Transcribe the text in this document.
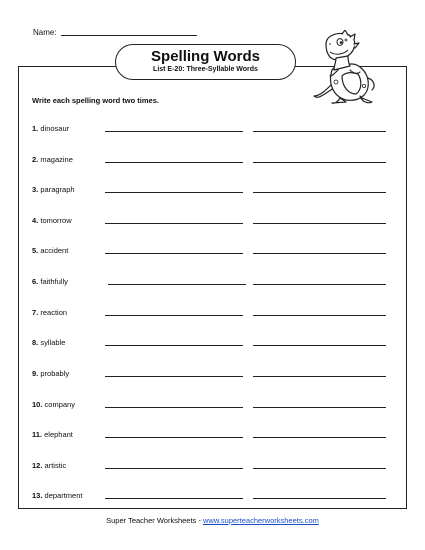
Name:
Spelling Words
List E-20: Three-Syllable Words
Write each spelling word two times.
1. dinosaur
2. magazine
3. paragraph
4. tomorrow
5. accident
6. faithfully
7. reaction
8. syllable
9. probably
10. company
11. elephant
12. artistic
13. department
Super Teacher Worksheets - www.superteacherworksheets.com
